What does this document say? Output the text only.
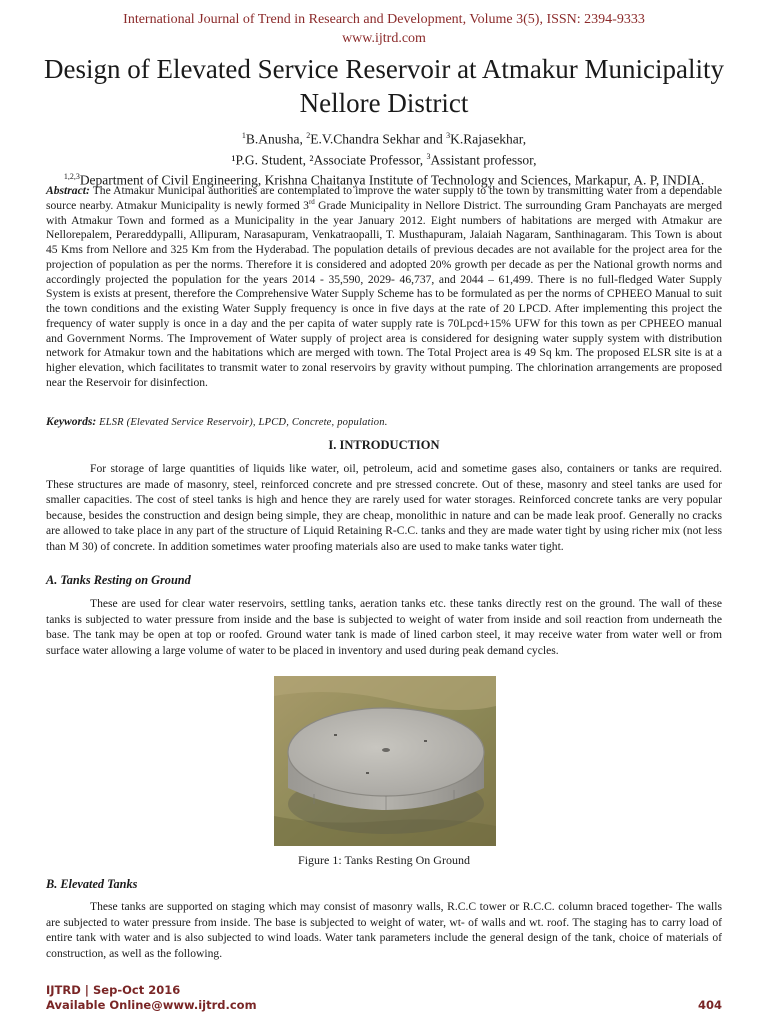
International Journal of Trend in Research and Development, Volume 3(5), ISSN: 2394-9333
www.ijtrd.com
Design of Elevated Service Reservoir at Atmakur Municipality Nellore District
$^1$B.Anusha, $^2$E.V.Chandra Sekhar and $^3$K.Rajasekhar,
¹P.G. Student, ²Associate Professor, $^3$Assistant professor,
$^{1,2,3}$Department of Civil Engineering, Krishna Chaitanya Institute of Technology and Sciences, Markapur, A. P, INDIA.
Abstract: The Atmakur Municipal authorities are contemplated to improve the water supply to the town by transmitting water from a dependable source nearby. Atmakur Municipality is newly formed 3rd Grade Municipality in Nellore District. The surrounding Gram Panchayats are merged with Atmakur Town and formed as a Municipality in the year January 2012. Eight numbers of habitations are merged with Atmakur are Nellorepalem, Perareddypalli, Allipuram, Narasapuram, Venkatraopalli, T. Musthapuram, Jalaiah Nagaram, Santhinagaram. This Town is about 45 Kms from Nellore and 325 Km from the Hyderabad. The population details of previous decades are not available for the project area for the projection of population as per the norms. Therefore it is considered and adopted 20% growth per decade as per the National growth norms and accordingly projected the population for the years 2014 - 35,590, 2029- 46,737, and 2044 – 61,499. There is no full-fledged Water Supply System is exists at present, therefore the Comprehensive Water Supply Scheme has to be formulated as per the norms of CPHEEO Manual to suit the town conditions and the existing Water Supply frequency is once in five days at the rate of 20 LPCD. After implementing this project the frequency of water supply is once in a day and the per capita of water supply rate is 70Lpcd+15% UFW for this town as per CPHEEO manual and Government Norms. The Improvement of Water supply of project area is considered for designing water supply system with distribution network for Atmakur town and the habitations which are merged with town. The Total Project area is 49 Sq km. The proposed ELSR site is at a higher elevation, which facilitates to transmit water to zonal reservoirs by gravity without pumping. The chlorination arrangements are proposed near the Reservoir for disinfection.
Keywords: ELSR (Elevated Service Reservoir), LPCD, Concrete, population.
I. INTRODUCTION
For storage of large quantities of liquids like water, oil, petroleum, acid and sometime gases also, containers or tanks are required. These structures are made of masonry, steel, reinforced concrete and pre stressed concrete. Out of these, masonry and steel tanks are used for smaller capacities. The cost of steel tanks is high and hence they are rarely used for water storages. Reinforced concrete tanks are very popular because, besides the construction and design being simple, they are cheap, monolithic in nature and can be made leak proof. Generally no cracks are allowed to take place in any part of the structure of Liquid Retaining R-C.C. tanks and they are made water tight by using richer mix (not less than M 30) of concrete. In addition sometimes water proofing materials also are used to make tanks water tight.
A. Tanks Resting on Ground
These are used for clear water reservoirs, settling tanks, aeration tanks etc. these tanks directly rest on the ground. The wall of these tanks is subjected to water pressure from inside and the base is subjected to weight of water from inside and soil reaction from underneath the base. The tank may be open at top or roofed. Ground water tank is made of lined carbon steel, it may receive water from water well or from surface water allowing a large volume of water to be placed in inventory and used during peak demand cycles.
Figure 1: Tanks Resting On Ground
B. Elevated Tanks
These tanks are supported on staging which may consist of masonry walls, R.C.C tower or R.C.C. column braced together- The walls are subjected to water pressure from inside. The base is subjected to weight of water, wt- of walls and wt. roof. The staging has to carry load of entire tank with water and is also subjected to wind loads. Water tank parameters include the general design of the tank, choice of materials of construction, as well as the following.
IJTRD | Sep-Oct 2016
Available Online@www.ijtrd.com	404
